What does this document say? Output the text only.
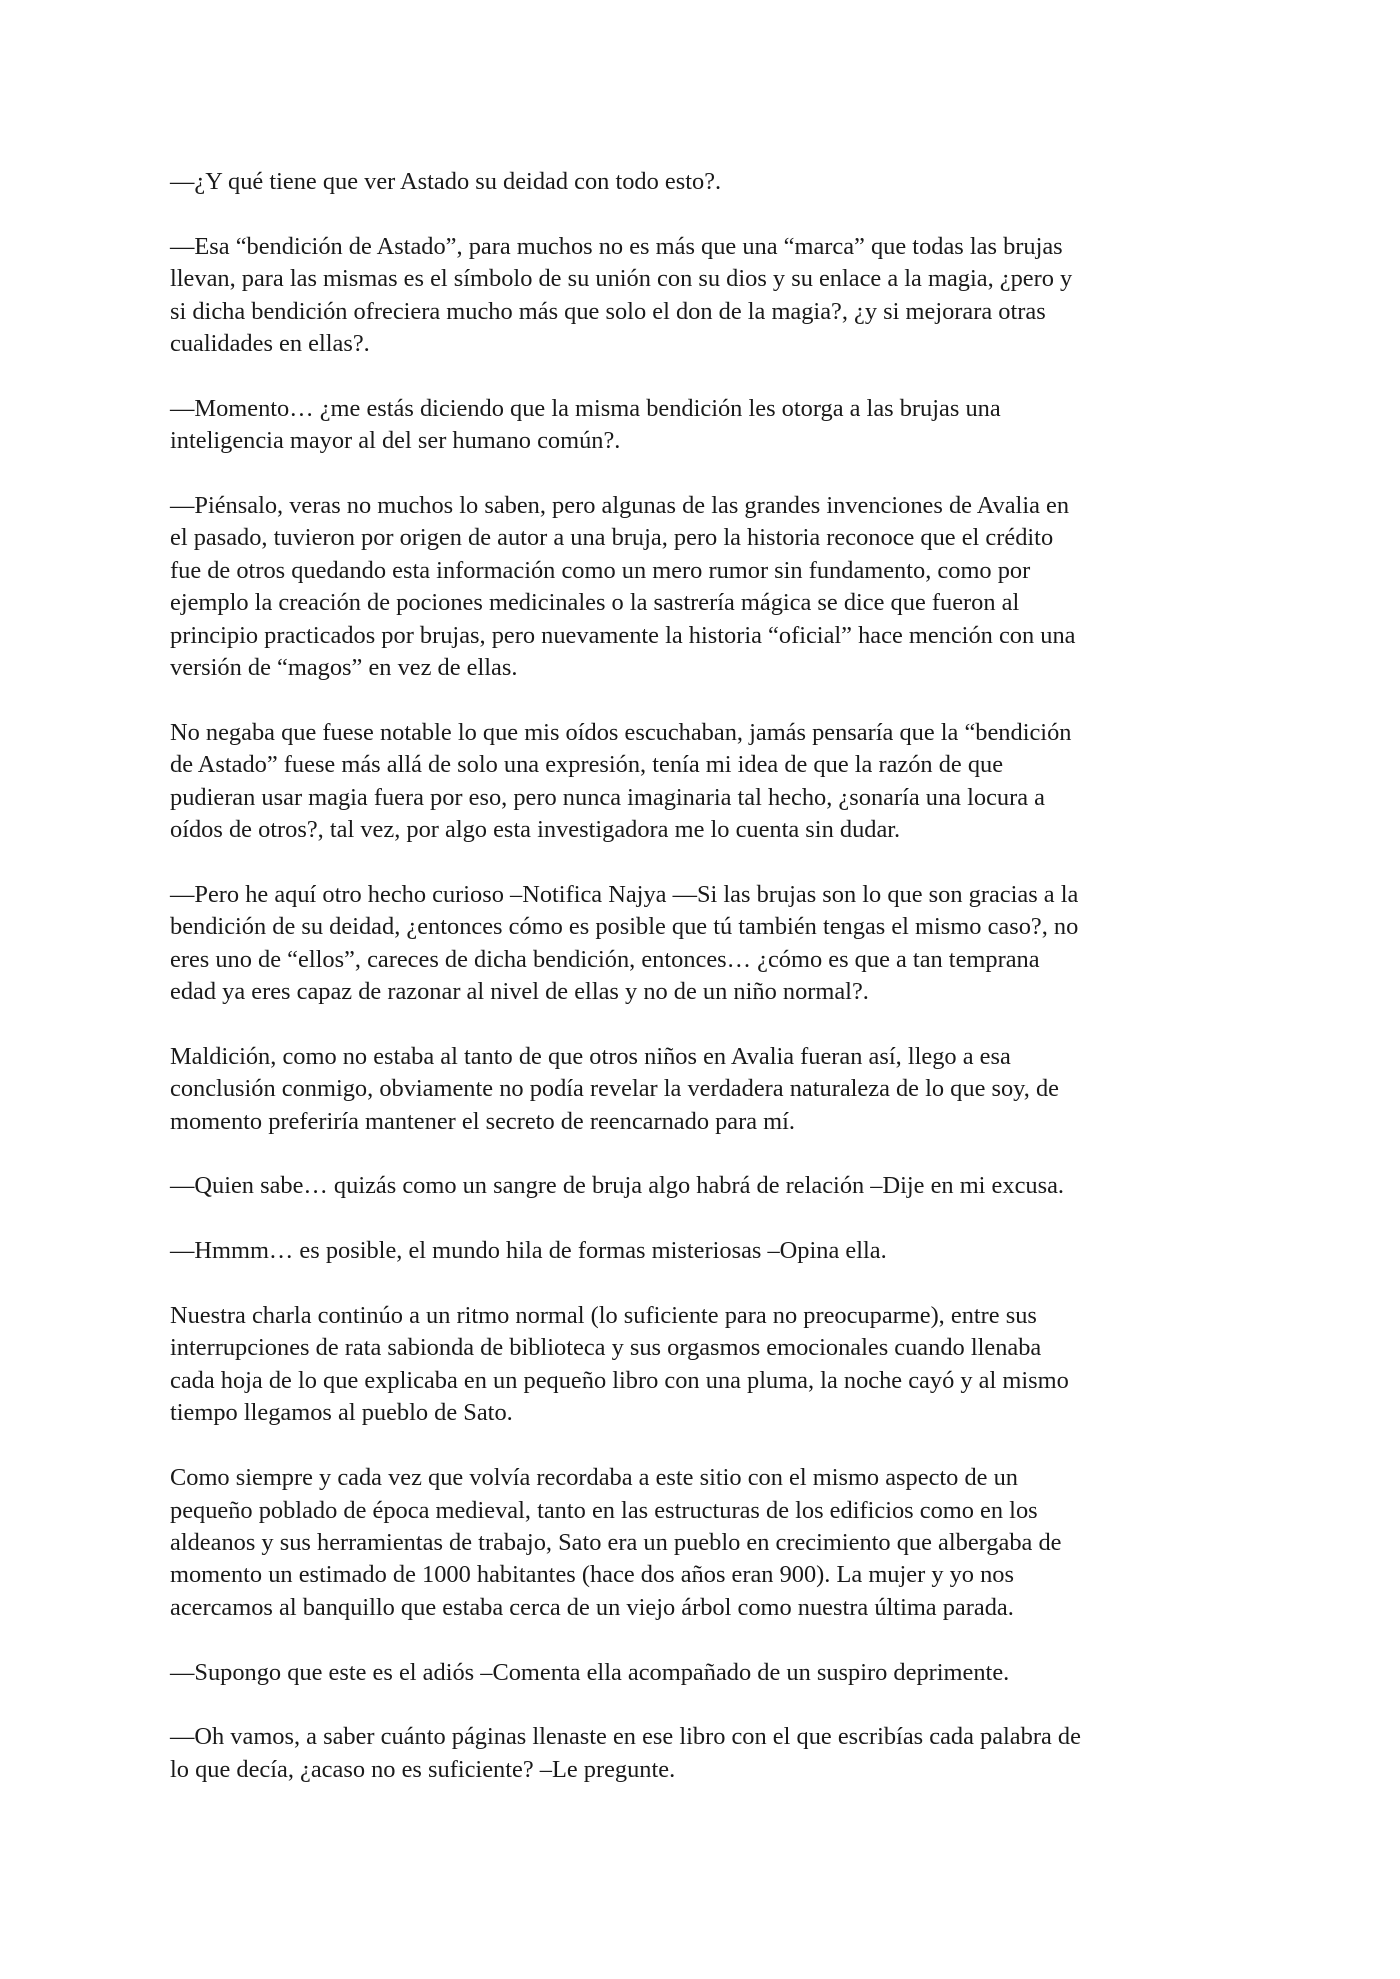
—¿Y qué tiene que ver Astado su deidad con todo esto?.

—Esa “bendición de Astado”, para muchos no es más que una “marca” que todas las brujas
llevan, para las mismas es el símbolo de su unión con su dios y su enlace a la magia, ¿pero y
si dicha bendición ofreciera mucho más que solo el don de la magia?, ¿y si mejorara otras
cualidades en ellas?.

—Momento… ¿me estás diciendo que la misma bendición les otorga a las brujas una
inteligencia mayor al del ser humano común?.

—Piénsalo, veras no muchos lo saben, pero algunas de las grandes invenciones de Avalia en
el pasado, tuvieron por origen de autor a una bruja, pero la historia reconoce que el crédito
fue de otros quedando esta información como un mero rumor sin fundamento, como por
ejemplo la creación de pociones medicinales o la sastrería mágica se dice que fueron al
principio practicados por brujas, pero nuevamente la historia “oficial” hace mención con una
versión de “magos” en vez de ellas.

No negaba que fuese notable lo que mis oídos escuchaban, jamás pensaría que la “bendición
de Astado” fuese más allá de solo una expresión, tenía mi idea de que la razón de que
pudieran usar magia fuera por eso, pero nunca imaginaria tal hecho, ¿sonaría una locura a
oídos de otros?, tal vez, por algo esta investigadora me lo cuenta sin dudar.

—Pero he aquí otro hecho curioso –Notifica Najya —Si las brujas son lo que son gracias a la
bendición de su deidad, ¿entonces cómo es posible que tú también tengas el mismo caso?, no
eres uno de “ellos”, careces de dicha bendición, entonces… ¿cómo es que a tan temprana
edad ya eres capaz de razonar al nivel de ellas y no de un niño normal?.

Maldición, como no estaba al tanto de que otros niños en Avalia fueran así, llego a esa
conclusión conmigo, obviamente no podía revelar la verdadera naturaleza de lo que soy, de
momento preferiría mantener el secreto de reencarnado para mí.

—Quien sabe… quizás como un sangre de bruja algo habrá de relación –Dije en mi excusa.

—Hmmm… es posible, el mundo hila de formas misteriosas –Opina ella.

Nuestra charla continúo a un ritmo normal (lo suficiente para no preocuparme), entre sus
interrupciones de rata sabionda de biblioteca y sus orgasmos emocionales cuando llenaba
cada hoja de lo que explicaba en un pequeño libro con una pluma, la noche cayó y al mismo
tiempo llegamos al pueblo de Sato.

Como siempre y cada vez que volvía recordaba a este sitio con el mismo aspecto de un
pequeño poblado de época medieval, tanto en las estructuras de los edificios como en los
aldeanos y sus herramientas de trabajo, Sato era un pueblo en crecimiento que albergaba de
momento un estimado de 1000 habitantes (hace dos años eran 900). La mujer y yo nos
acercamos al banquillo que estaba cerca de un viejo árbol como nuestra última parada.

—Supongo que este es el adiós –Comenta ella acompañado de un suspiro deprimente.

—Oh vamos, a saber cuánto páginas llenaste en ese libro con el que escribías cada palabra de
lo que decía, ¿acaso no es suficiente? –Le pregunte.
